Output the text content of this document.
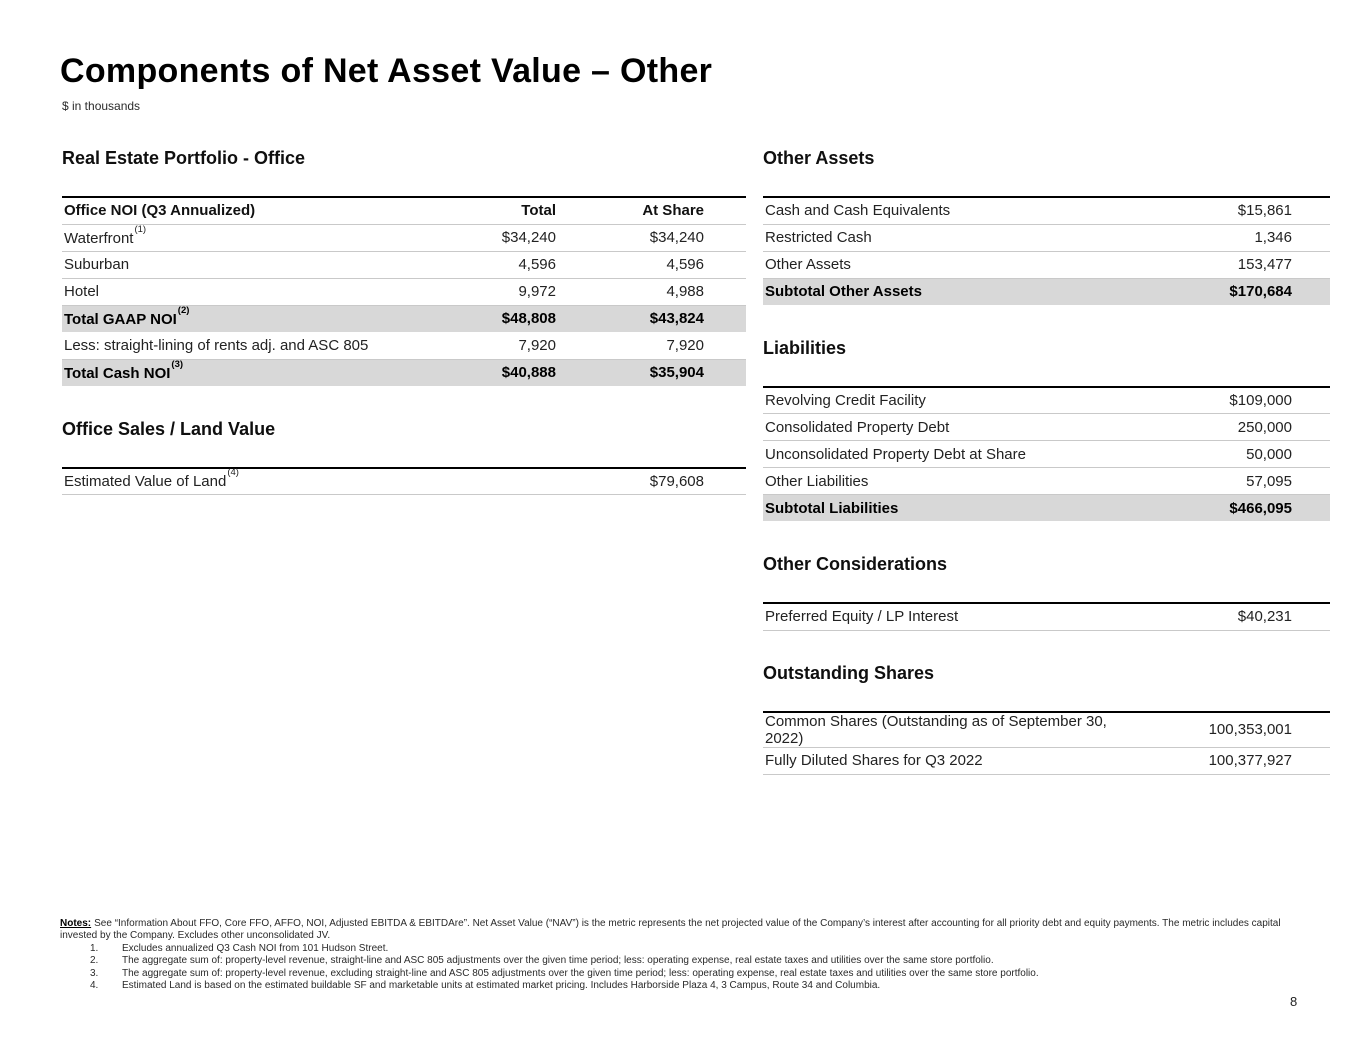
Components of Net Asset Value – Other
$ in thousands
Real Estate Portfolio - Office
Office NOI (Q3 Annualized)	Total	At Share
Waterfront$^{(1)}$	$34,240	$34,240
Suburban	4,596	4,596
Hotel	9,972	4,988
Total GAAP NOI$^{(2)}$	$48,808	$43,824
Less: straight-lining of rents adj. and ASC 805	7,920	7,920
Total Cash NOI$^{(3)}$	$40,888	$35,904
Office Sales / Land Value
Estimated Value of Land$^{(4)}$		$79,608
Other Assets
Cash and Cash Equivalents	$15,861
Restricted Cash	1,346
Other Assets	153,477
Subtotal Other Assets	$170,684
Liabilities
Revolving Credit Facility	$109,000
Consolidated Property Debt	250,000
Unconsolidated Property Debt at Share	50,000
Other Liabilities	57,095
Subtotal Liabilities	$466,095
Other Considerations
Preferred Equity / LP Interest	$40,231
Outstanding Shares
Common Shares (Outstanding as of September 30, 2022)	100,353,001
Fully Diluted Shares for Q3 2022	100,377,927

Notes: See “Information About FFO, Core FFO, AFFO, NOI, Adjusted EBITDA & EBITDAre”. Net Asset Value (“NAV”) is the metric represents the net projected value of the Company’s interest after accounting for all priority debt and equity payments. The metric includes capital invested by the Company. Excludes other unconsolidated JV.

1.	Excludes annualized Q3 Cash NOI from 101 Hudson Street.
2.	The aggregate sum of: property-level revenue, straight-line and ASC 805 adjustments over the given time period; less: operating expense, real estate taxes and utilities over the same store portfolio.
3.	The aggregate sum of: property-level revenue, excluding straight-line and ASC 805 adjustments over the given time period; less: operating expense, real estate taxes and utilities over the same store portfolio.
4.	Estimated Land is based on the estimated buildable SF and marketable units at estimated market pricing. Includes Harborside Plaza 4, 3 Campus, Route 34 and Columbia.
8
